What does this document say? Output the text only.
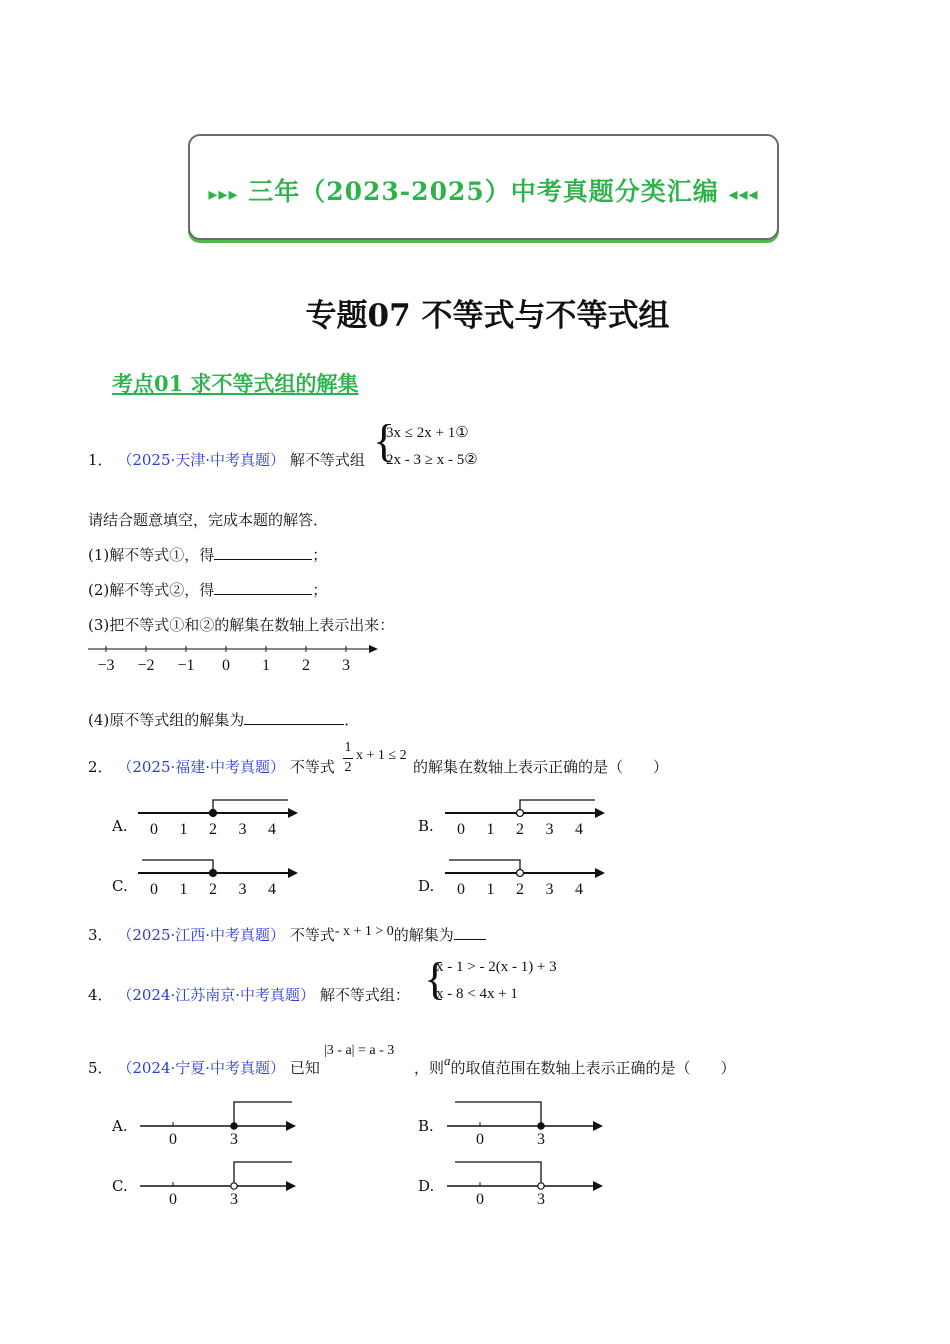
▸▸▸ 三年（2023-2025）中考真题分类汇编 ◂◂◂
专题07 不等式与不等式组
考点01 求不等式组的解集
1． （2025·天津·中考真题） 解不等式组 {
3x ≤ 2x + 1①
2x - 3 ≥ x - 5②
请结合题意填空，完成本题的解答．
(1)解不等式①，得	；
(2)解不等式②，得	；
(3)把不等式①和②的解集在数轴上表示出来：
−3 −2 −1 0 1 2 3
(4)原不等式组的解集为	．
2． （2025·福建·中考真题） 不等式
1
2
x + 1 ≤ 2
的解集在数轴上表示正确的是（　　）
A.	B.
C.	D.
0 1 2 3 4	0 1 2 3 4
0 1 2 3 4	0 1 2 3 4
3． （2025·江西·中考真题） 不等式- x + 1 > 0的解集为
4． （2024·江苏南京·中考真题） 解不等式组： {
x - 1 > - 2(x - 1) + 3
x - 8 < 4x + 1
5． （2024·宁夏·中考真题） 已知
|3 - a| = a - 3
，则a的取值范围在数轴上表示正确的是（　　）
A.	B.
C.	D.
0	3	0	3
0	3	0	3
